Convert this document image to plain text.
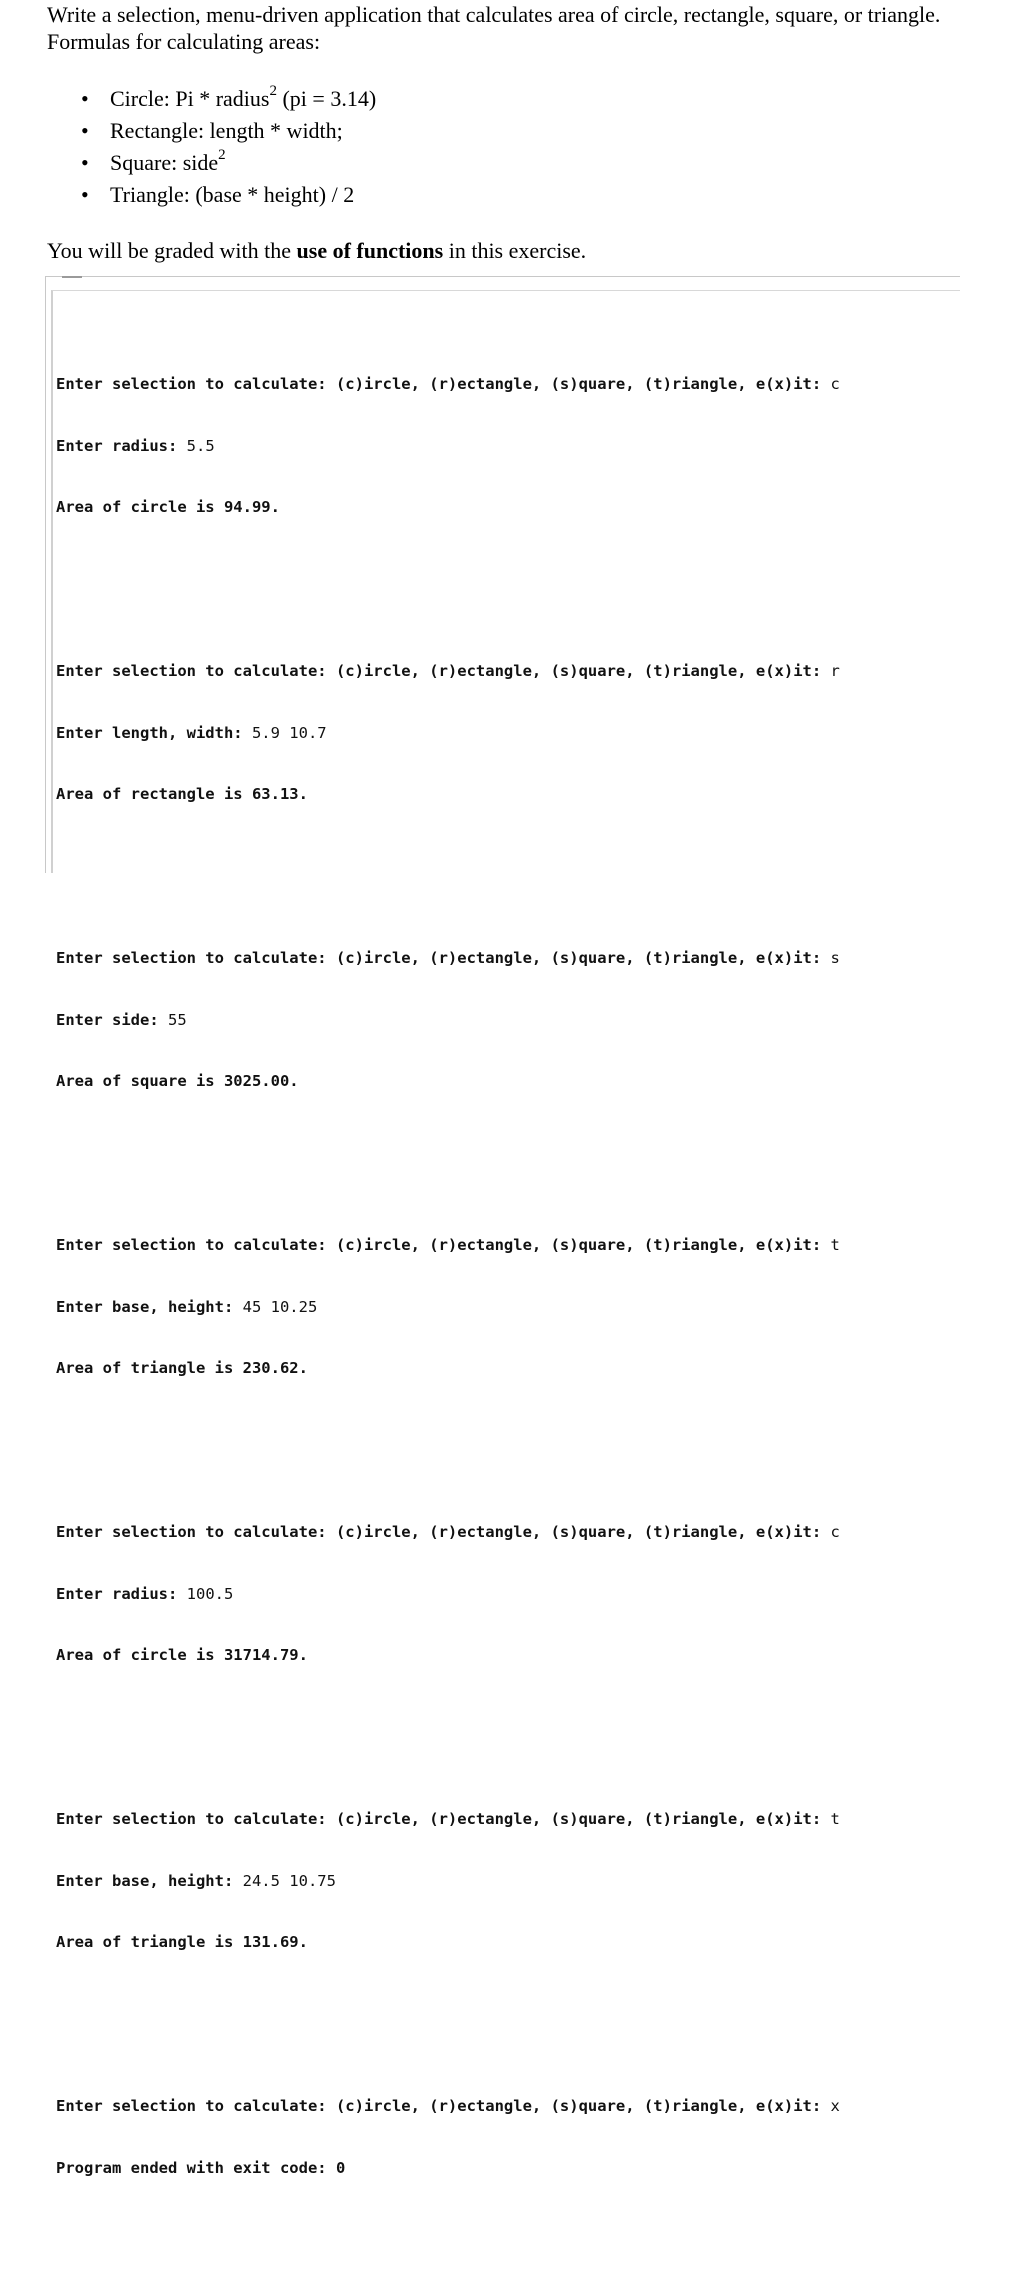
Write a selection, menu-driven application that calculates area of circle, rectangle, square, or triangle. Formulas for calculating areas:

• Circle: Pi * radius$^2$ (pi = 3.14)
• Rectangle: length * width;
• Square: side$^2$
• Triangle: (base * height) / 2

You will be graded with the use of functions in this exercise.

Enter selection to calculate: (c)ircle, (r)ectangle, (s)quare, (t)riangle, e(x)it: c

Enter radius: 5.5

Area of circle is 94.99.

Enter selection to calculate: (c)ircle, (r)ectangle, (s)quare, (t)riangle, e(x)it: r

Enter length, width: 5.9 10.7

Area of rectangle is 63.13.

Enter selection to calculate: (c)ircle, (r)ectangle, (s)quare, (t)riangle, e(x)it: s

Enter side: 55

Area of square is 3025.00.

Enter selection to calculate: (c)ircle, (r)ectangle, (s)quare, (t)riangle, e(x)it: t

Enter base, height: 45 10.25

Area of triangle is 230.62.

Enter selection to calculate: (c)ircle, (r)ectangle, (s)quare, (t)riangle, e(x)it: c

Enter radius: 100.5

Area of circle is 31714.79.

Enter selection to calculate: (c)ircle, (r)ectangle, (s)quare, (t)riangle, e(x)it: t

Enter base, height: 24.5 10.75

Area of triangle is 131.69.

Enter selection to calculate: (c)ircle, (r)ectangle, (s)quare, (t)riangle, e(x)it: x

Program ended with exit code: 0
